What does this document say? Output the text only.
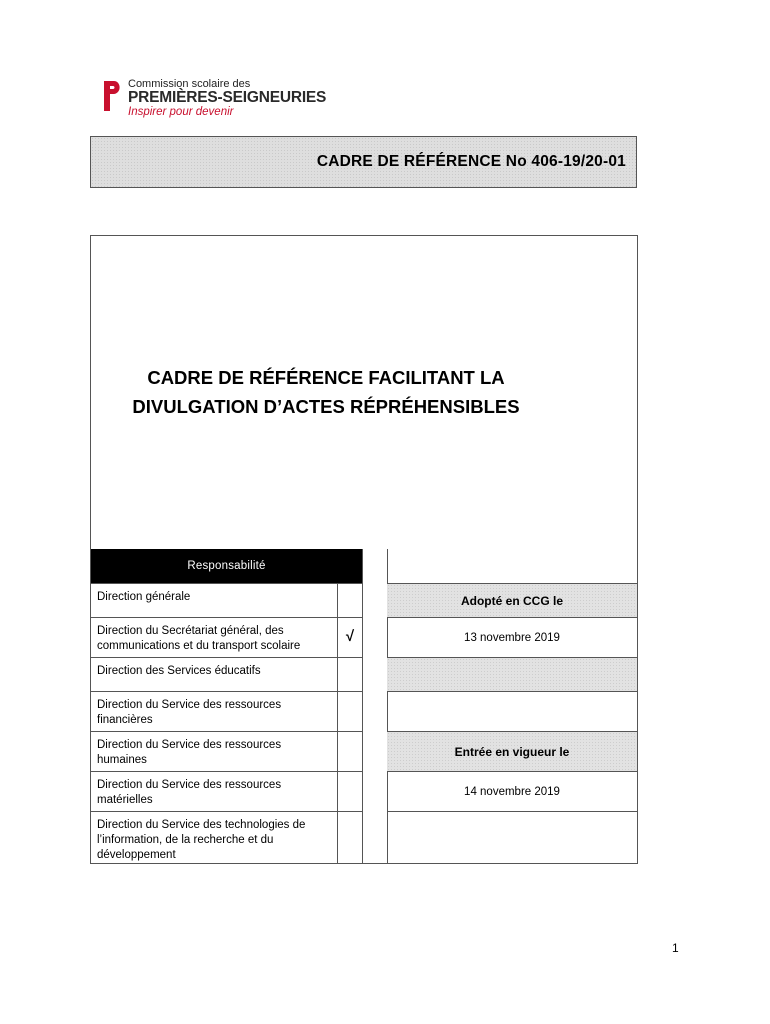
Commission scolaire des
PREMIÈRES-SEIGNEURIES
Inspirer pour devenir
CADRE DE RÉFÉRENCE No 406-19/20-01
CADRE DE RÉFÉRENCE FACILITANT LA
DIVULGATION D’ACTES RÉPRÉHENSIBLES
Responsabilité
Direction générale
Direction du Secrétariat général, des communications et du transport scolaire
√
Direction des Services éducatifs
Direction du Service des ressources financières
Direction du Service des ressources humaines
Direction du Service des ressources matérielles
Direction du Service des technologies de l’information, de la recherche et du développement
Adopté en CCG le
13 novembre 2019
Entrée en vigueur le
14 novembre 2019
1
